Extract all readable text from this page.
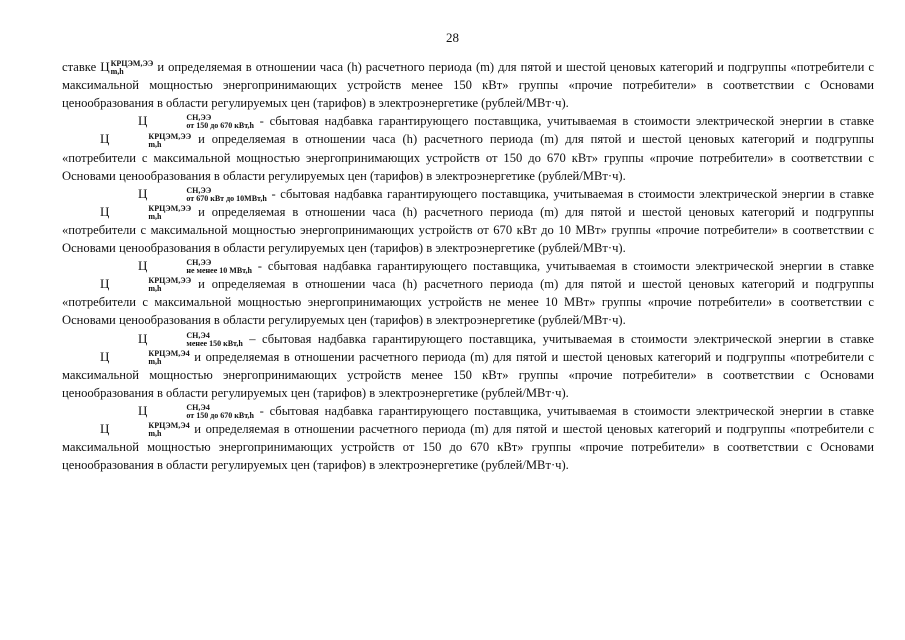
28

ставке Ц КРЦЭМ,ЭЭ
m,h	и определяемая в отношении часа (h) расчетного периода (m) для пятой и шестой ценовых категорий и подгруппы «потребители с максимальной мощностью энергопринимающих устройств менее 150 кВт» группы «прочие потребители» в соответствии с Основами ценообразования в области регулируемых цен (тарифов) в электроэнергетике (рублей/МВт·ч).

Ц	СН,ЭЭ
от 150 до 670 кВт,h - сбытовая надбавка гарантирующего поставщика, учитываемая в стоимости электрической энергии в ставке Ц	КРЦЭМ,ЭЭ
m,h	и определяемая в отношении часа (h) расчетного периода (m) для пятой и шестой ценовых категорий и подгруппы «потребители с максимальной мощностью энергопринимающих устройств от 150 до 670 кВт» группы «прочие потребители» в соответствии с Основами ценообразования в области регулируемых цен (тарифов) в электроэнергетике (рублей/МВт·ч).

Ц	СН,ЭЭ
от 670 кВт до 10МВт,h - сбытовая надбавка гарантирующего поставщика, учитываемая в стоимости электрической энергии в ставке Ц	КРЦЭМ,ЭЭ
m,h	и определяемая в отношении часа (h) расчетного периода (m) для пятой и шестой ценовых категорий и подгруппы «потребители с максимальной мощностью энергопринимающих устройств от 670 кВт до 10 МВт» группы «прочие потребители» в соответствии с Основами ценообразования в области регулируемых цен (тарифов) в электроэнергетике (рублей/МВт·ч).

Ц	СН,ЭЭ
не менее 10 МВт,h - сбытовая надбавка гарантирующего поставщика, учитываемая в стоимости электрической энергии в ставке Ц	КРЦЭМ,ЭЭ
m,h	и определяемая в отношении часа (h) расчетного периода (m) для пятой и шестой ценовых категорий и подгруппы «потребители с максимальной мощностью энергопринимающих устройств не менее 10 МВт» группы «прочие потребители» в соответствии с Основами ценообразования в области регулируемых цен (тарифов) в электроэнергетике (рублей/МВт·ч).

Ц	СН,Э4
менее 150 кВт,h – сбытовая надбавка гарантирующего поставщика, учитываемая в стоимости электрической энергии в ставке Ц	КРЦЭМ,Э4
m,h	и определяемая в отношении расчетного периода (m) для пятой и шестой ценовых категорий и подгруппы «потребители с максимальной мощностью энергопринимающих устройств менее 150 кВт» группы «прочие потребители» в соответствии с Основами ценообразования в области регулируемых цен (тарифов) в электроэнергетике (рублей/МВт·ч).

Ц	СН,Э4
от 150 до 670 кВт,h - сбытовая надбавка гарантирующего поставщика, учитываемая в стоимости электрической энергии в ставке Ц	КРЦЭМ,Э4
m,h	и определяемая в отношении расчетного периода (m) для пятой и шестой ценовых категорий и подгруппы «потребители с максимальной мощностью энергопринимающих устройств от 150 до 670 кВт» группы «прочие потребители» в соответствии с Основами ценообразования в области регулируемых цен (тарифов) в электроэнергетике (рублей/МВт·ч).
